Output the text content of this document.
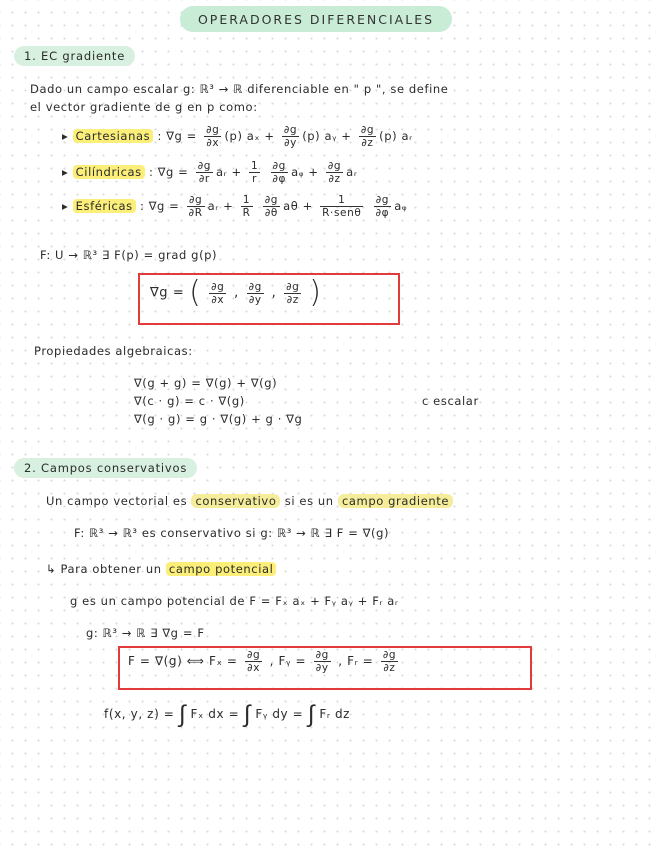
OPERADORES DIFERENCIALES
1. EC gradiente
Dado un campo escalar g: ℝ³ → ℝ diferenciable en " p ", se define
el vector gradiente de g en p como:
▸ Cartesianas : $\nabla g = \frac{\partial g}{\partial x} (p) a_x + \frac{\partial g}{\partial y} (p)$ aᵧ + $\frac{\partial g}{\partial z} (p)$ aᵣ
▸ Cilíndricas : $\nabla g = \frac{\partial g}{\partial r}$ aᵣ + $\frac{1}{r}$
$\frac{\partial g}{\partial\varphi}$ aᵩ + $\frac{\partial g}{\partial z}$ aᵣ
▸ Esféricas : $\nabla g = \frac{\partial g}{\partial R}$ aᵣ + $\frac{1}{R}$
$\frac{\partial g}{\partial\theta}$ $a\theta + \frac{1}{\text{R·senθ}}$
$\frac{\partial g}{\partial\varphi}$ aᵩ
F: U → ℝ³ ∃ F(p) = grad g(p)
∇g = ( $\frac{\partial g}{\partial x}$ , $\frac{\partial g}{\partial y}$ , $\frac{\partial g}{\partial z}$ )
Propiedades algebraicas:
∇(g + g) = ∇(g) + ∇(g)
∇(c · g) = c · ∇(g)	c escalar
∇(g · g) = g · ∇(g) + g · ∇g
2. Campos conservativos
Un campo vectorial es conservativo si es un campo gradiente
F: ℝ³ → ℝ³ es conservativo si g: ℝ³ → ℝ ∃ F = ∇(g)
↳ Para obtener un campo potencial
g es un campo potencial de F = Fₓ aₓ + Fᵧ aᵧ + Fᵣ aᵣ
g: ℝ³ → ℝ ∃ ∇g = F
F = ∇(g) ⟺ $F_x = \frac{\partial g}{\partial x}$ , Fᵧ = $\frac{\partial g}{\partial y}$ , Fᵣ = $\frac{\partial g}{\partial z}$
f(x, y, z) = ∫ Fₓ dx = ∫ Fᵧ dy = ∫ Fᵣ dz
